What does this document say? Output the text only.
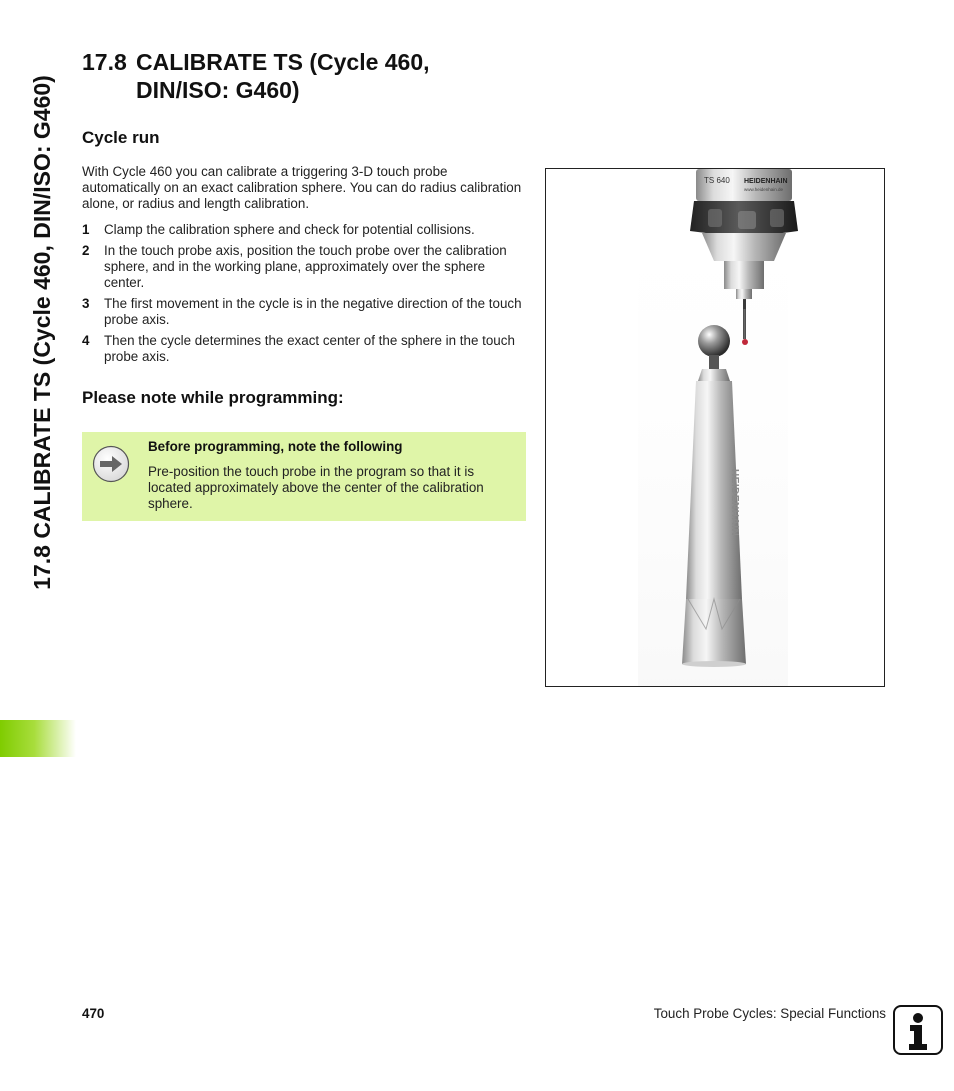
17.8 CALIBRATE TS (Cycle 460, DIN/ISO: G460)
17.8 CALIBRATE TS (Cycle 460,
DIN/ISO: G460)
Cycle run

With Cycle 460 you can calibrate a triggering 3-D touch probe automatically on an exact calibration sphere. You can do radius calibration alone, or radius and length calibration.

1	Clamp the calibration sphere and check for potential collisions.
2	In the touch probe axis, position the touch probe over the calibration sphere, and in the working plane, approximately over the sphere center.
3	The first movement in the cycle is in the negative direction of the touch probe axis.
4	Then the cycle determines the exact center of the sphere in the touch probe axis.
Please note while programming:

Before programming, note the following

Pre-position the touch probe in the program so that it is located approximately above the center of the calibration sphere.

TS 640 HEIDENHAIN
www.heidenhain.de
HEIDENHAIN
470	Touch Probe Cycles: Special Functions
